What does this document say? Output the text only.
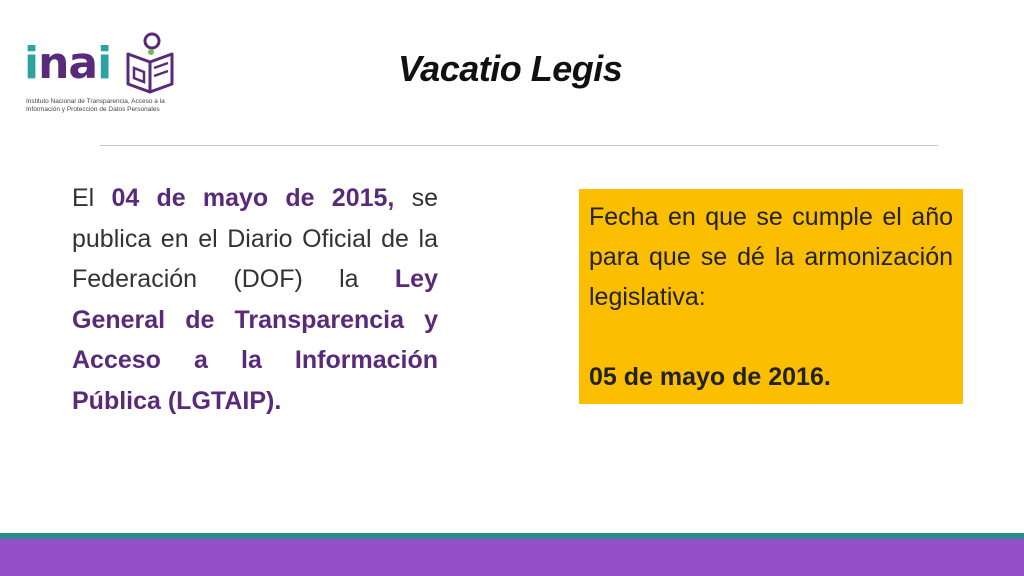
inai
Instituto Nacional de Transparencia, Acceso a la
Información y Protección de Datos Personales
Vacatio Legis

El 04 de mayo de 2015, se publica en el Diario Oficial de la Federación (DOF) la Ley General de Transparencia y Acceso a la Información Pública (LGTAIP).

Fecha en que se cumple el año para que se dé la armonización legislativa:

05 de mayo de 2016.
